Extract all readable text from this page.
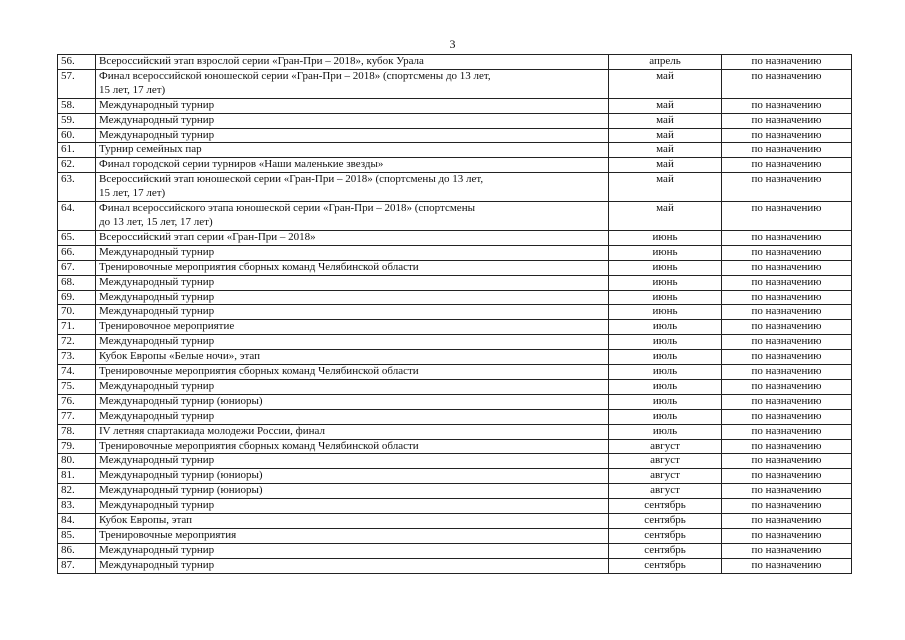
3
56.	Всероссийский этап взрослой серии «Гран-При – 2018», кубок Урала	апрель	по назначению
57.	Финал всероссийской юношеской серии «Гран-При – 2018» (спортсмены до 13 лет,
15 лет, 17 лет)	май	по назначению
58.	Международный турнир	май	по назначению
59.	Международный турнир	май	по назначению
60.	Международный турнир	май	по назначению
61.	Турнир семейных пар	май	по назначению
62.	Финал городской серии турниров «Наши маленькие звезды»	май	по назначению
63.	Всероссийский этап юношеской серии «Гран-При – 2018» (спортсмены до 13 лет,
15 лет, 17 лет)	май	по назначению
64.	Финал всероссийского этапа юношеской серии «Гран-При – 2018» (спортсмены
до 13 лет, 15 лет, 17 лет)	май	по назначению
65.	Всероссийский этап серии «Гран-При – 2018»	июнь	по назначению
66.	Международный турнир	июнь	по назначению
67.	Тренировочные мероприятия сборных команд Челябинской области	июнь	по назначению
68.	Международный турнир	июнь	по назначению
69.	Международный турнир	июнь	по назначению
70.	Международный турнир	июнь	по назначению
71.	Тренировочное мероприятие	июль	по назначению
72.	Международный турнир	июль	по назначению
73.	Кубок Европы «Белые ночи», этап	июль	по назначению
74.	Тренировочные мероприятия сборных команд Челябинской области	июль	по назначению
75.	Международный турнир	июль	по назначению
76.	Международный турнир (юниоры)	июль	по назначению
77.	Международный турнир	июль	по назначению
78.	IV летняя спартакиада молодежи России, финал	июль	по назначению
79.	Тренировочные мероприятия сборных команд Челябинской области	август	по назначению
80.	Международный турнир	август	по назначению
81.	Международный турнир (юниоры)	август	по назначению
82.	Международный турнир (юниоры)	август	по назначению
83.	Международный турнир	сентябрь	по назначению
84.	Кубок Европы, этап	сентябрь	по назначению
85.	Тренировочные мероприятия	сентябрь	по назначению
86.	Международный турнир	сентябрь	по назначению
87.	Международный турнир	сентябрь	по назначению
